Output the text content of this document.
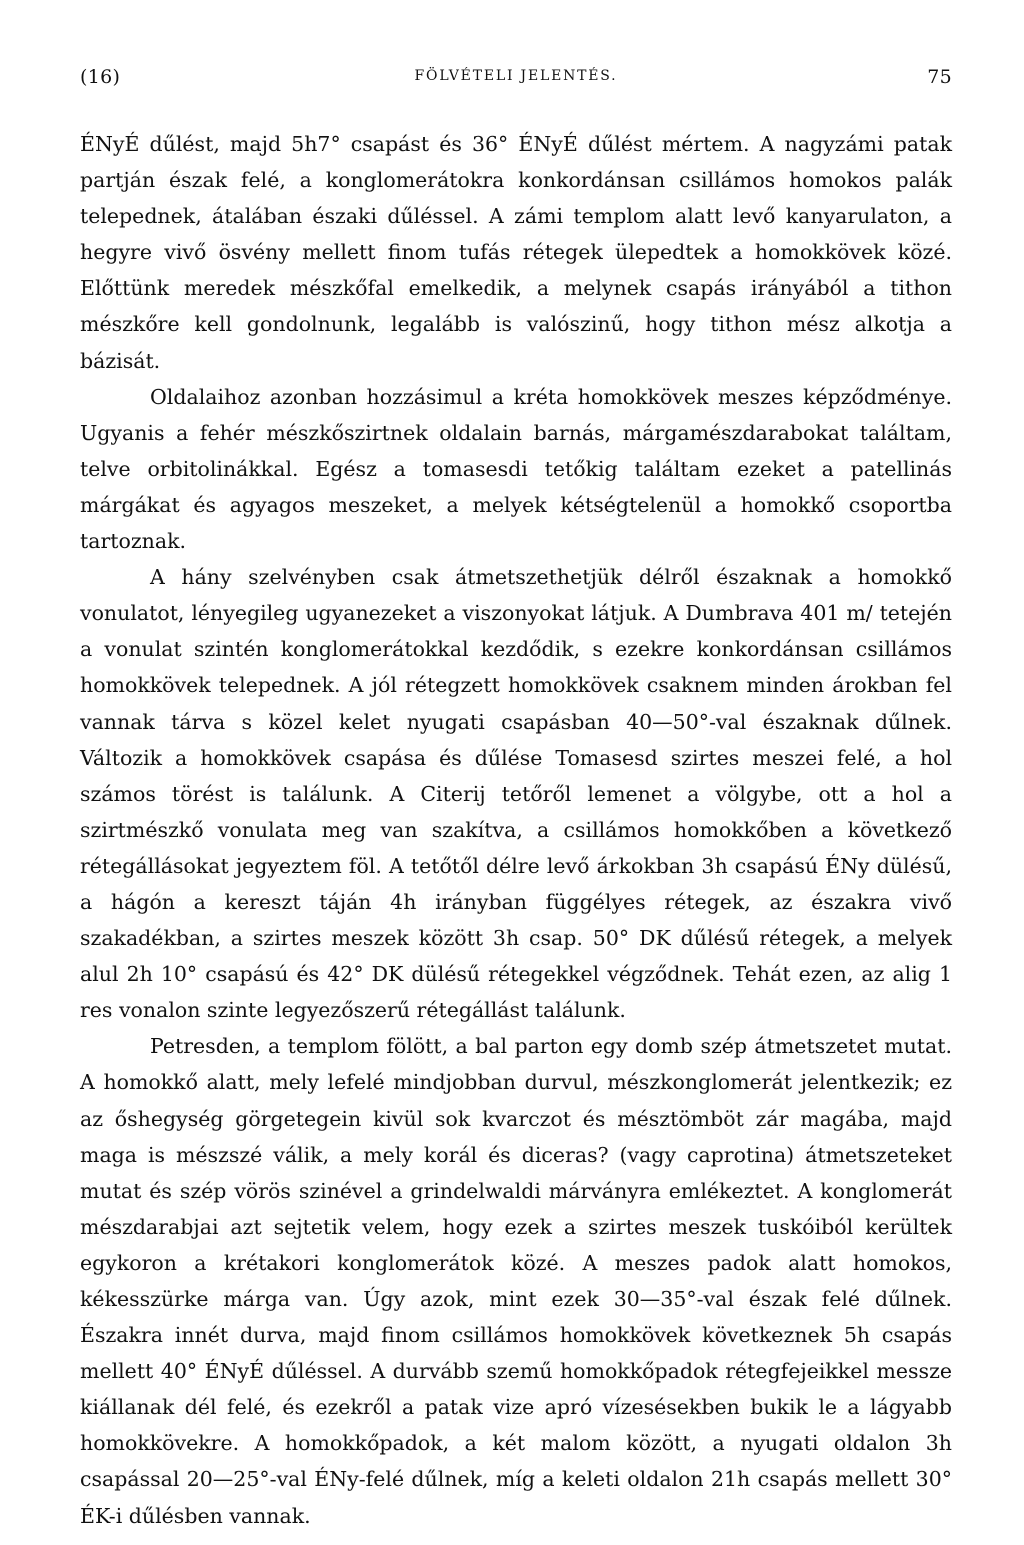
(16)	FÖLVÉTELI JELENTÉS.	75

ÉNyÉ dűlést, majd 5h7° csapást és 36° ÉNyÉ dűlést mértem. A nagyzámi patak partján észak felé, a konglomerátokra konkordánsan csillámos homokos palák telepednek, átalában északi dűléssel. A zámi templom alatt levő kanyarulaton, a hegyre vivő ösvény mellett finom tufás rétegek ülepedtek a homokkövek közé. Előttünk meredek mészkőfal emelkedik, a melynek csapás irányából a tithon mészkőre kell gondolnunk, legalább is valószinű, hogy tithon mész alkotja a bázisát.

Oldalaihoz azonban hozzásimul a kréta homokkövek meszes képződménye. Ugyanis a fehér mészkőszirtnek oldalain barnás, márgamészdarabokat találtam, telve orbitolinákkal. Egész a tomasesdi tetőkig találtam ezeket a patellinás márgákat és agyagos meszeket, a melyek kétségtelenül a homokkő csoportba tartoznak.

A hány szelvényben csak átmetszethetjük délről északnak a homokkő vonulatot, lényegileg ugyanezeket a viszonyokat látjuk. A Dumbrava 401 m/ tetején a vonulat szintén konglomerátokkal kezdődik, s ezekre konkordánsan csillámos homokkövek telepednek. A jól rétegzett homokkövek csaknem minden árokban fel vannak tárva s közel kelet nyugati csapásban 40—50°-val északnak dűlnek. Változik a homokkövek csapása és dűlése Tomasesd szirtes meszei felé, a hol számos törést is találunk. A Citerij tetőről lemenet a völgybe, ott a hol a szirtmészkő vonulata meg van szakítva, a csillámos homokkőben a következő rétegállásokat jegyeztem föl. A tetőtől délre levő árkokban 3h csapású ÉNy dülésű, a hágón a kereszt táján 4h irányban függélyes rétegek, az északra vivő szakadékban, a szirtes meszek között 3h csap. 50° DK dűlésű rétegek, a melyek alul 2h 10° csapású és 42° DK dülésű rétegekkel végződnek. Tehát ezen, az alig 1 res vonalon szinte legyezőszerű rétegállást találunk.

Petresden, a templom fölött, a bal parton egy domb szép átmetszetet mutat. A homokkő alatt, mely lefelé mindjobban durvul, mészkonglomerát jelentkezik; ez az őshegység görgetegein kivül sok kvarczot és mésztömböt zár magába, majd maga is mészszé válik, a mely korál és diceras? (vagy caprotina) átmetszeteket mutat és szép vörös szinével a grindelwaldi márványra emlékeztet. A konglomerát mészdarabjai azt sejtetik velem, hogy ezek a szirtes meszek tuskóiból kerültek egykoron a krétakori konglomerátok közé. A meszes padok alatt homokos, kékesszürke márga van. Úgy azok, mint ezek 30—35°-val észak felé dűlnek. Északra innét durva, majd finom csillámos homokkövek következnek 5h csapás mellett 40° ÉNyÉ dűléssel. A durvább szemű homokkőpadok rétegfejeikkel messze kiállanak dél felé, és ezekről a patak vize apró vízesésekben bukik le a lágyabb homokkövekre. A homokkőpadok, a két malom között, a nyugati oldalon 3h csapással 20—25°-val ÉNy-felé dűlnek, míg a keleti oldalon 21h csapás mellett 30° ÉK-i dűlésben vannak.
